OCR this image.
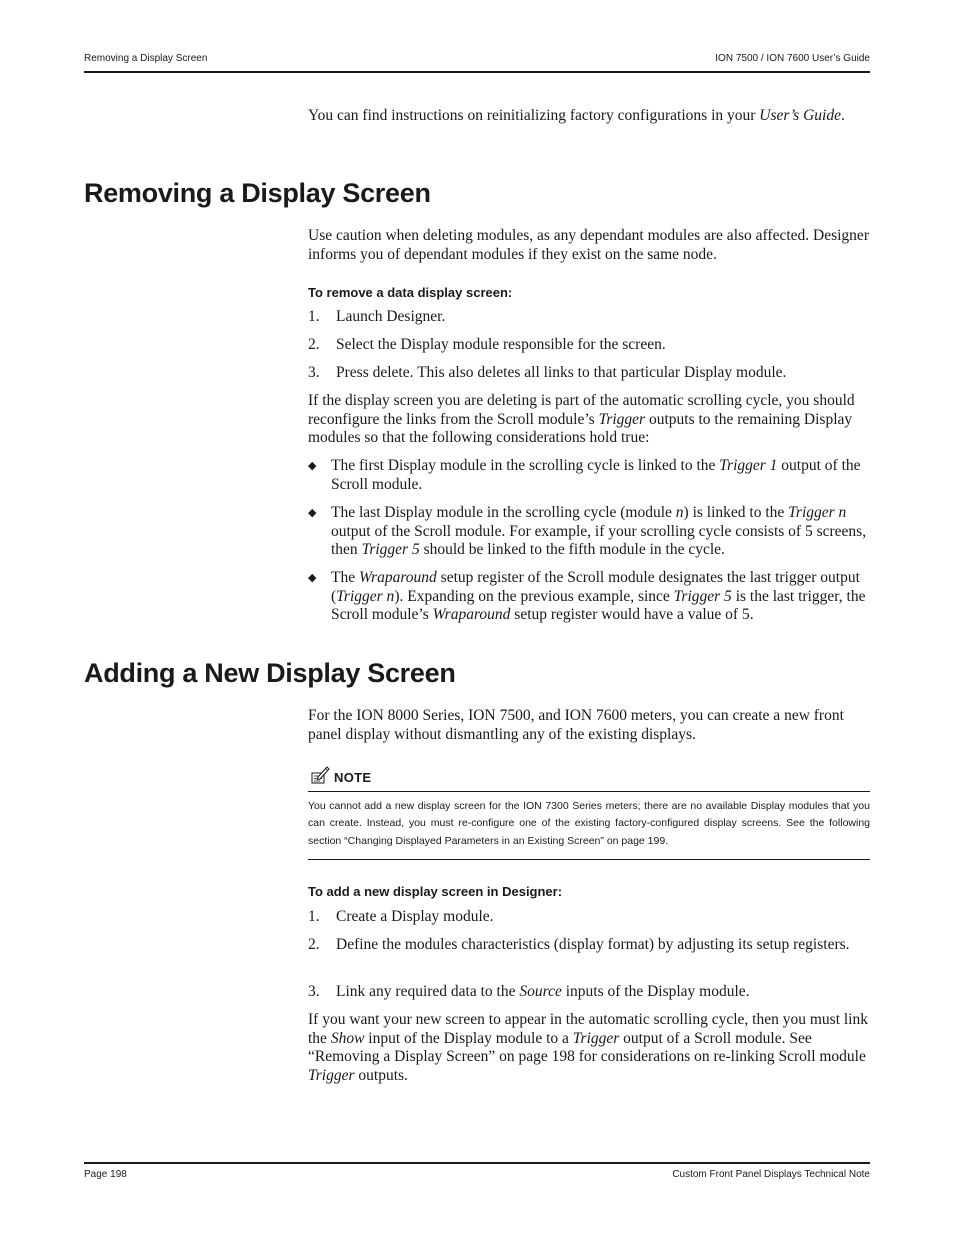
Removing a Display Screen	ION 7500 / ION 7600 User’s Guide

You can find instructions on reinitializing factory configurations in your User’s Guide.

Removing a Display Screen
Use caution when deleting modules, as any dependant modules are also affected. Designer informs you of dependant modules if they exist on the same node.
To remove a data display screen:
1. Launch Designer.
2. Select the Display module responsible for the screen.
3. Press delete. This also deletes all links to that particular Display module.

If the display screen you are deleting is part of the automatic scrolling cycle, you should reconfigure the links from the Scroll module’s Trigger outputs to the remaining Display modules so that the following considerations hold true:

◆ The first Display module in the scrolling cycle is linked to the Trigger 1 output of the Scroll module.
◆ The last Display module in the scrolling cycle (module n) is linked to the Trigger n output of the Scroll module. For example, if your scrolling cycle consists of 5 screens, then Trigger 5 should be linked to the fifth module in the cycle.
◆ The Wraparound setup register of the Scroll module designates the last trigger output (Trigger n). Expanding on the previous example, since Trigger 5 is the last trigger, the Scroll module’s Wraparound setup register would have a value of 5.
Adding a New Display Screen
For the ION 8000 Series, ION 7500, and ION 7600 meters, you can create a new front panel display without dismantling any of the existing displays.
NOTE
You cannot add a new display screen for the ION 7300 Series meters; there are no available Display modules that you can create. Instead, you must re-configure one of the existing factory-configured display screens. See the following section “Changing Displayed Parameters in an Existing Screen” on page 199.
To add a new display screen in Designer:
1. Create a Display module.
2. Define the modules characteristics (display format) by adjusting its setup registers.
3. Link any required data to the Source inputs of the Display module.

If you want your new screen to appear in the automatic scrolling cycle, then you must link the Show input of the Display module to a Trigger output of a Scroll module. See “Removing a Display Screen” on page 198 for considerations on re-linking Scroll module Trigger outputs.

Page 198	Custom Front Panel Displays Technical Note
